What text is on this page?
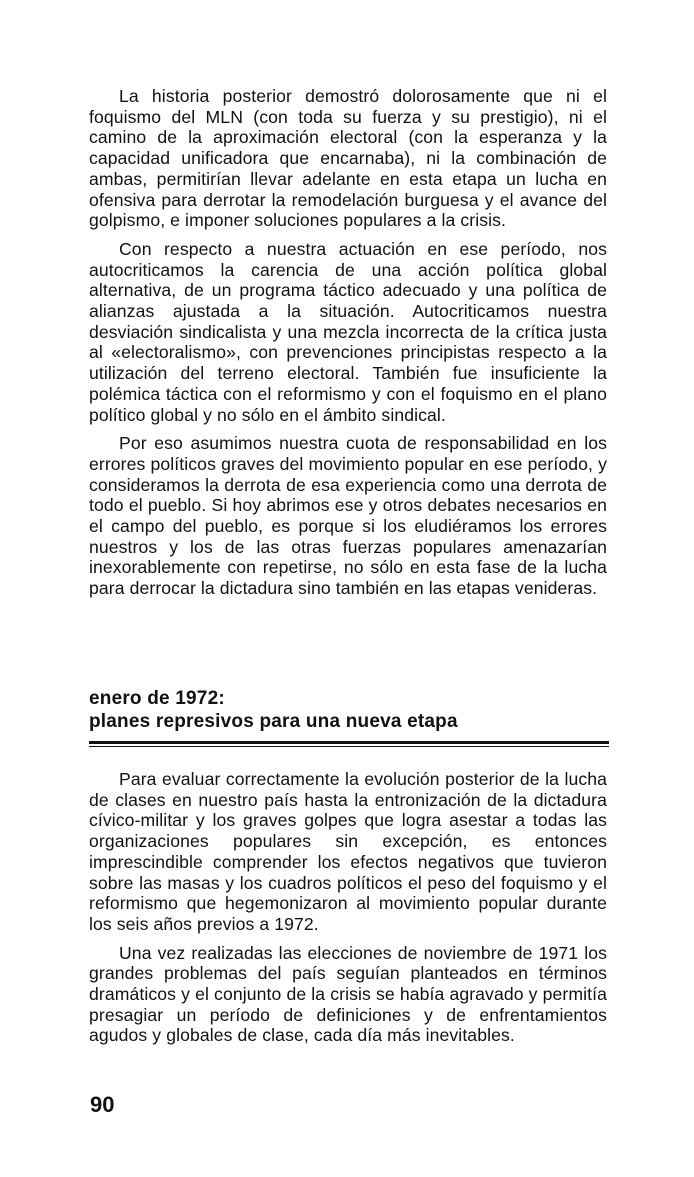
La historia posterior demostró dolorosamente que ni el foquismo del MLN (con toda su fuerza y su prestigio), ni el camino de la aproximación electoral (con la esperanza y la capacidad unificadora que encarnaba), ni la combinación de ambas, permitirían llevar adelante en esta etapa un lucha en ofensiva para derrotar la remodelación burguesa y el avance del golpismo, e imponer soluciones populares a la crisis.

Con respecto a nuestra actuación en ese período, nos autocriticamos la carencia de una acción política global alternativa, de un programa táctico adecuado y una política de alianzas ajustada a la situación. Autocriticamos nuestra desviación sindicalista y una mezcla incorrecta de la crítica justa al «electoralismo», con prevenciones principistas respecto a la utilización del terreno electoral. También fue insuficiente la polémica táctica con el reformismo y con el foquismo en el plano político global y no sólo en el ámbito sindical.

Por eso asumimos nuestra cuota de responsabilidad en los errores políticos graves del movimiento popular en ese período, y consideramos la derrota de esa experiencia como una derrota de todo el pueblo. Si hoy abrimos ese y otros debates necesarios en el campo del pueblo, es porque si los eludiéramos los errores nuestros y los de las otras fuerzas populares amenazarían inexorablemente con repetirse, no sólo en esta fase de la lucha para derrocar la dictadura sino también en las etapas venideras.

enero de 1972:
planes represivos para una nueva etapa

Para evaluar correctamente la evolución posterior de la lucha de clases en nuestro país hasta la entronización de la dictadura cívico-militar y los graves golpes que logra asestar a todas las organizaciones populares sin excepción, es entonces imprescindible comprender los efectos negativos que tuvieron sobre las masas y los cuadros políticos el peso del foquismo y el reformismo que hegemonizaron al movimiento popular durante los seis años previos a 1972.

Una vez realizadas las elecciones de noviembre de 1971 los grandes problemas del país seguían planteados en términos dramáticos y el conjunto de la crisis se había agravado y permitía presagiar un período de definiciones y de enfrentamientos agudos y globales de clase, cada día más inevitables.

90
